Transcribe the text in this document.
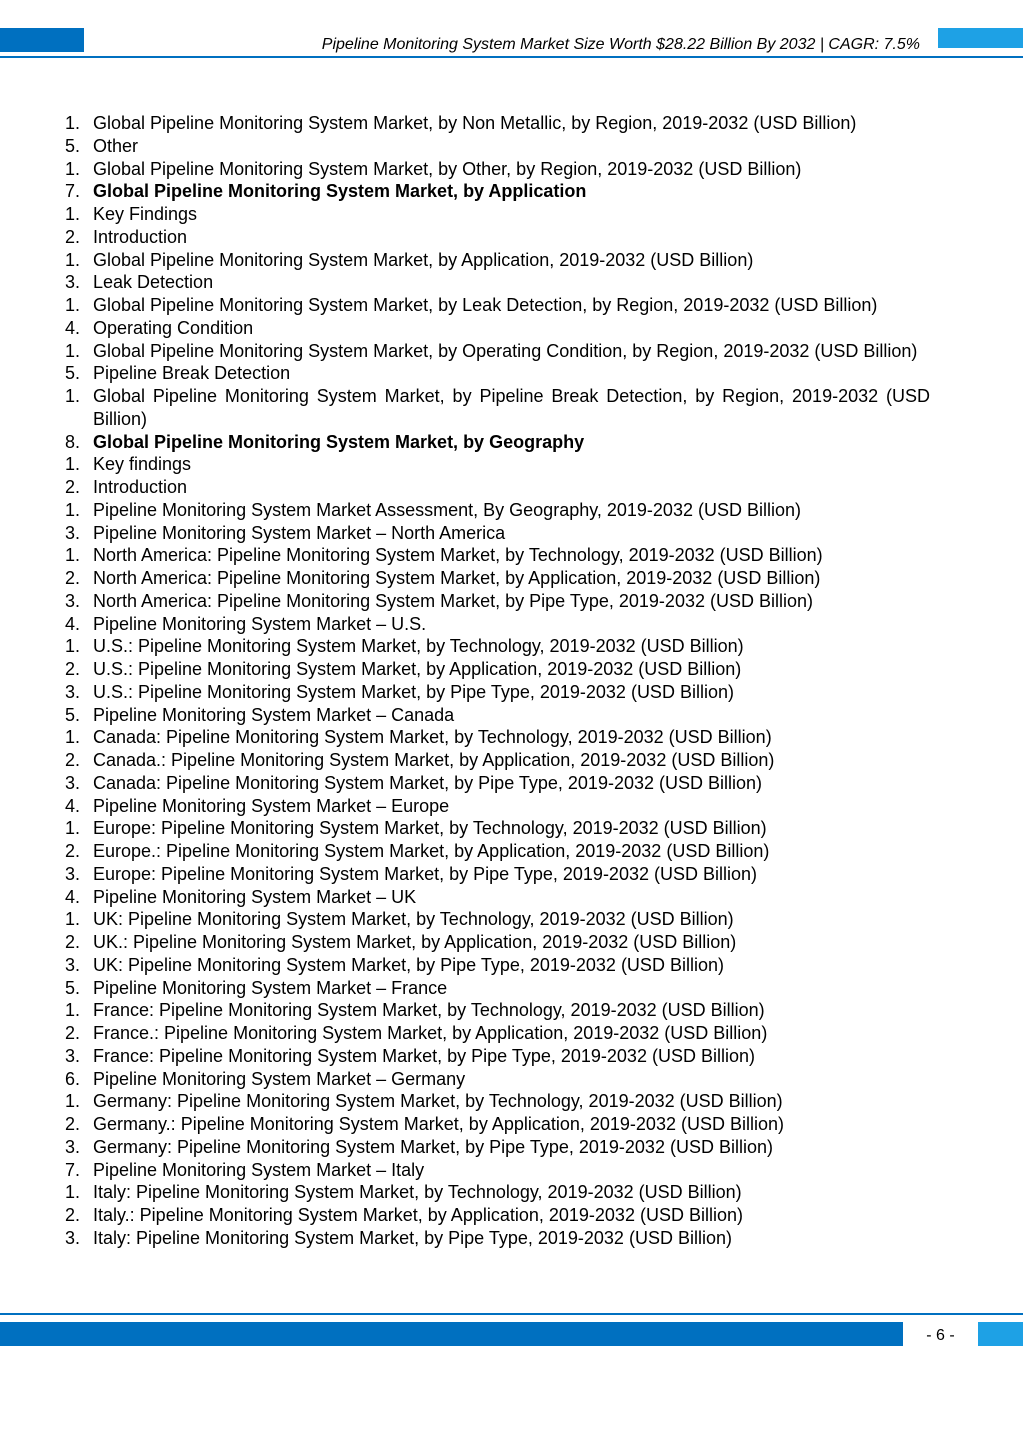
Pipeline Monitoring System Market Size Worth $28.22 Billion By 2032 | CAGR: 7.5%
1. Global Pipeline Monitoring System Market, by Non Metallic, by Region, 2019-2032 (USD Billion)
5. Other
1. Global Pipeline Monitoring System Market, by Other, by Region, 2019-2032 (USD Billion)
7. Global Pipeline Monitoring System Market, by Application
1. Key Findings
2. Introduction
1. Global Pipeline Monitoring System Market, by Application, 2019-2032 (USD Billion)
3. Leak Detection
1. Global Pipeline Monitoring System Market, by Leak Detection, by Region, 2019-2032 (USD Billion)
4. Operating Condition
1. Global Pipeline Monitoring System Market, by Operating Condition, by Region, 2019-2032 (USD Billion)
5. Pipeline Break Detection
1. Global Pipeline Monitoring System Market, by Pipeline Break Detection, by Region, 2019-2032 (USD Billion)
8. Global Pipeline Monitoring System Market, by Geography
1. Key findings
2. Introduction
1. Pipeline Monitoring System Market Assessment, By Geography, 2019-2032 (USD Billion)
3. Pipeline Monitoring System Market – North America
1. North America: Pipeline Monitoring System Market, by Technology, 2019-2032 (USD Billion)
2. North America: Pipeline Monitoring System Market, by Application, 2019-2032 (USD Billion)
3. North America: Pipeline Monitoring System Market, by Pipe Type, 2019-2032 (USD Billion)
4. Pipeline Monitoring System Market – U.S.
1. U.S.: Pipeline Monitoring System Market, by Technology, 2019-2032 (USD Billion)
2. U.S.: Pipeline Monitoring System Market, by Application, 2019-2032 (USD Billion)
3. U.S.: Pipeline Monitoring System Market, by Pipe Type, 2019-2032 (USD Billion)
5. Pipeline Monitoring System Market – Canada
1. Canada: Pipeline Monitoring System Market, by Technology, 2019-2032 (USD Billion)
2. Canada.: Pipeline Monitoring System Market, by Application, 2019-2032 (USD Billion)
3. Canada: Pipeline Monitoring System Market, by Pipe Type, 2019-2032 (USD Billion)
4. Pipeline Monitoring System Market – Europe
1. Europe: Pipeline Monitoring System Market, by Technology, 2019-2032 (USD Billion)
2. Europe.: Pipeline Monitoring System Market, by Application, 2019-2032 (USD Billion)
3. Europe: Pipeline Monitoring System Market, by Pipe Type, 2019-2032 (USD Billion)
4. Pipeline Monitoring System Market – UK
1. UK: Pipeline Monitoring System Market, by Technology, 2019-2032 (USD Billion)
2. UK.: Pipeline Monitoring System Market, by Application, 2019-2032 (USD Billion)
3. UK: Pipeline Monitoring System Market, by Pipe Type, 2019-2032 (USD Billion)
5. Pipeline Monitoring System Market – France
1. France: Pipeline Monitoring System Market, by Technology, 2019-2032 (USD Billion)
2. France.: Pipeline Monitoring System Market, by Application, 2019-2032 (USD Billion)
3. France: Pipeline Monitoring System Market, by Pipe Type, 2019-2032 (USD Billion)
6. Pipeline Monitoring System Market – Germany
1. Germany: Pipeline Monitoring System Market, by Technology, 2019-2032 (USD Billion)
2. Germany.: Pipeline Monitoring System Market, by Application, 2019-2032 (USD Billion)
3. Germany: Pipeline Monitoring System Market, by Pipe Type, 2019-2032 (USD Billion)
7. Pipeline Monitoring System Market – Italy
1. Italy: Pipeline Monitoring System Market, by Technology, 2019-2032 (USD Billion)
2. Italy.: Pipeline Monitoring System Market, by Application, 2019-2032 (USD Billion)
3. Italy: Pipeline Monitoring System Market, by Pipe Type, 2019-2032 (USD Billion)
- 6 -
